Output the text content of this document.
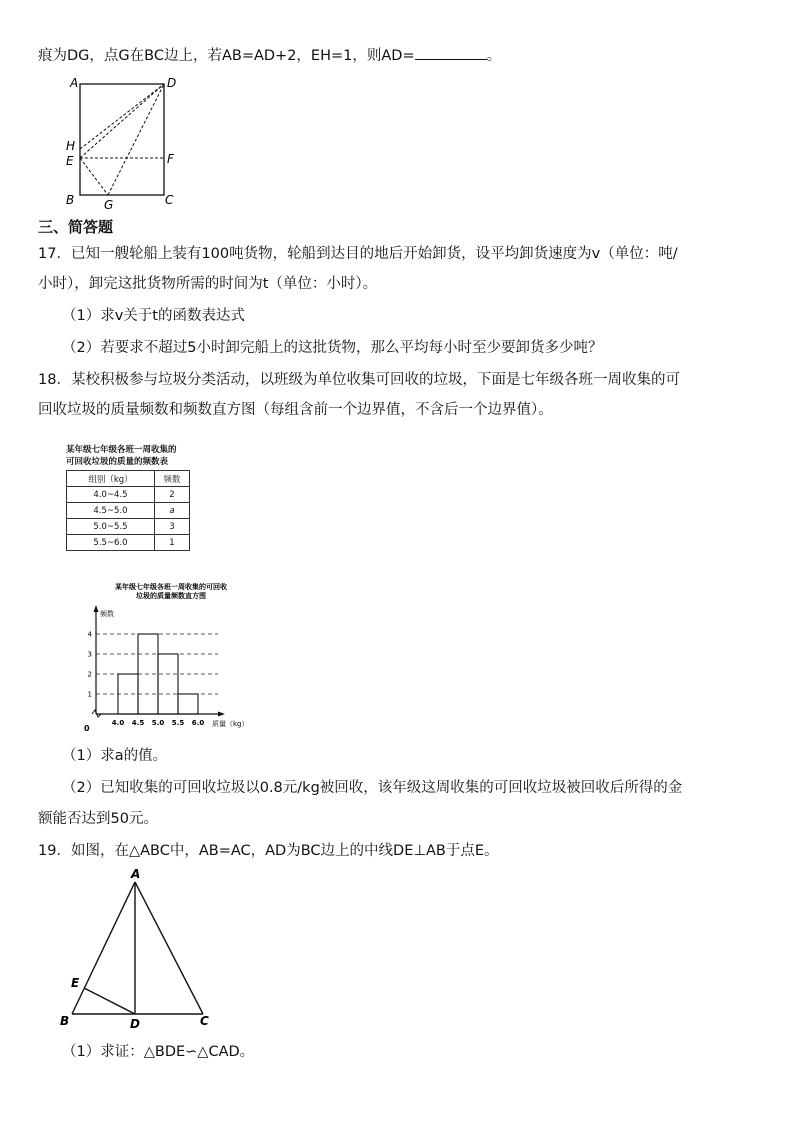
痕为DG，点G在BC边上，若AB=AD+2，EH=1，则AD=	。
A	D
H
E	F
B G	C
三、简答题
17．已知一艘轮船上装有100吨货物，轮船到达目的地后开始卸货，设平均卸货速度为v（单位：吨/
小时），卸完这批货物所需的时间为t（单位：小时）。
（1）求v关于t的函数表达式
（2）若要求不超过5小时卸完船上的这批货物，那么平均每小时至少要卸货多少吨？
18．某校积极参与垃圾分类活动，以班级为单位收集可回收的垃圾，下面是七年级各班一周收集的可
回收垃圾的质量频数和频数直方图（每组含前一个边界值，不含后一个边界值）。
某年级七年级各班一周收集的
可回收垃圾的质量的频数表
组别（kg）	频数
4.0~4.5	2
4.5~5.0	a
5.0~5.5	3
5.5~6.0	1
某年级七年级各班一周收集的可回收
垃圾的质量频数直方图
1
2
3
4
4.0 4.5 5.0 5.5 6.0
频数
质量（kg）
0
（1）求a的值。
（2）已知收集的可回收垃圾以0.8元/kg被回收，该年级这周收集的可回收垃圾被回收后所得的金
额能否达到50元。
19．如图，在△ABC中，AB=AC，AD为BC边上的中线DE⊥AB于点E。
A
E
B	D	C
（1）求证：△BDE∽△CAD。
